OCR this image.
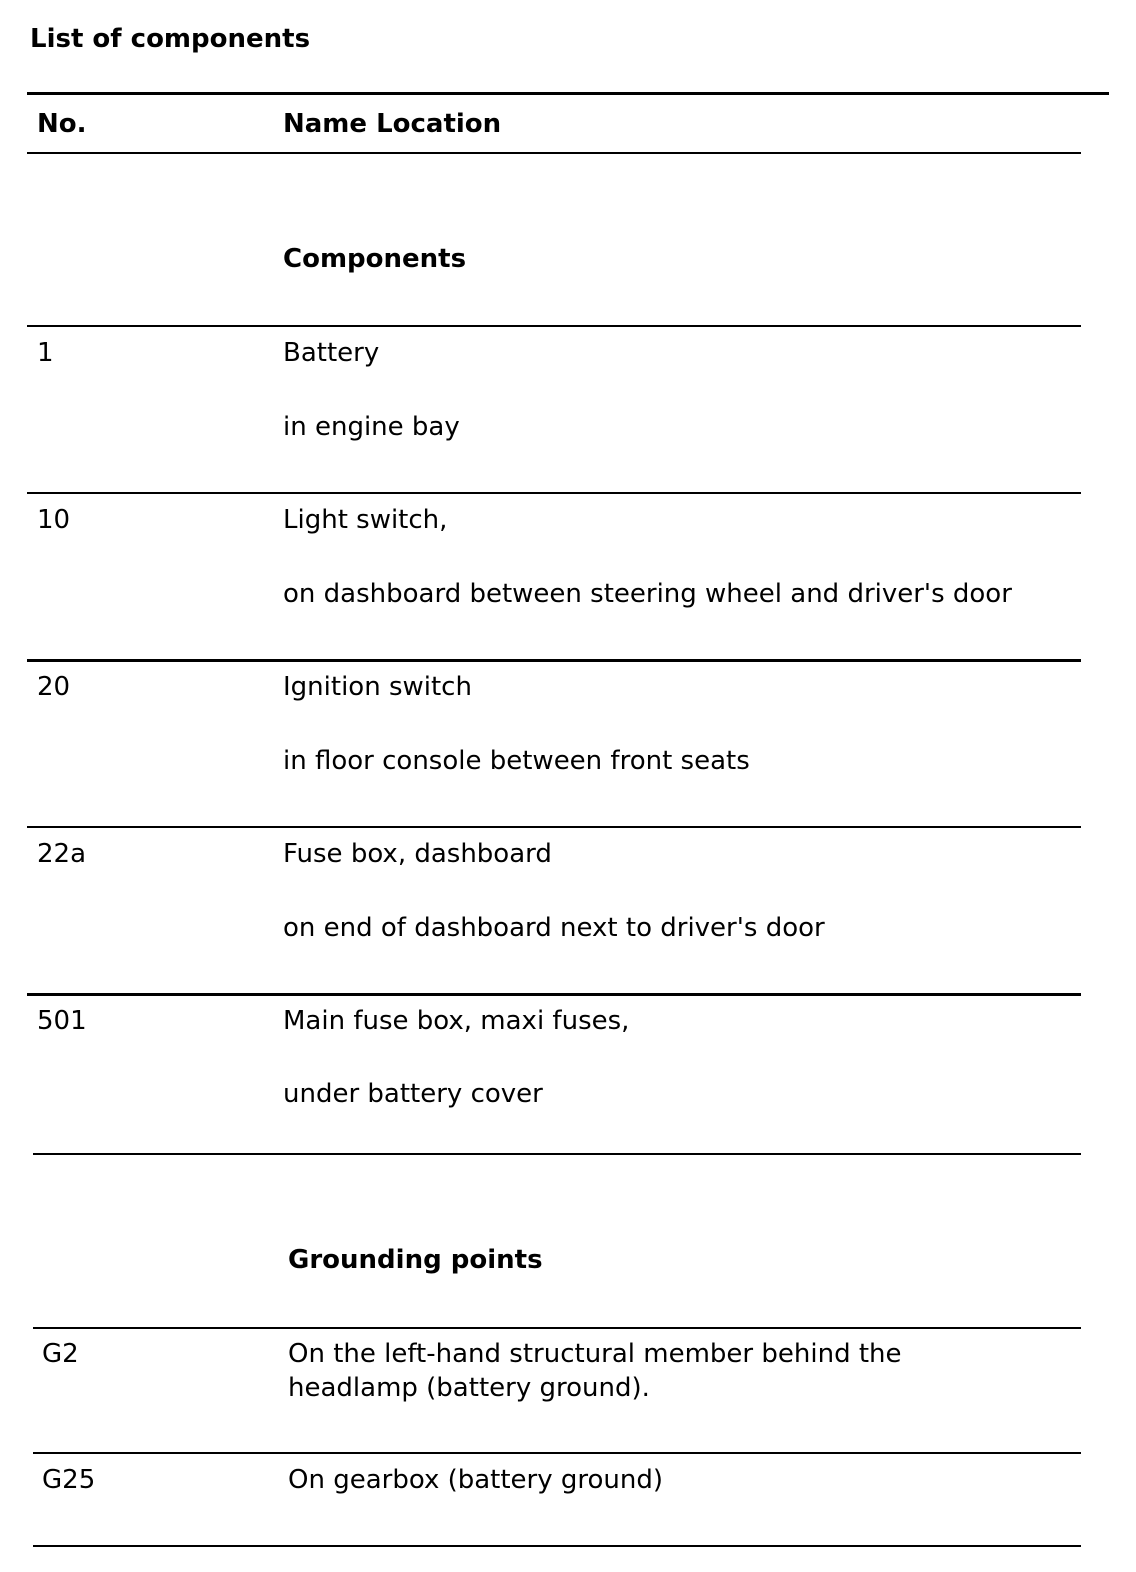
List of components
No.	Name Location
Components
1	Battery
in engine bay
10	Light switch,
on dashboard between steering wheel and driver's door
20	Ignition switch
in floor console between front seats
22a	Fuse box, dashboard
on end of dashboard next to driver's door
501	Main fuse box, maxi fuses,
under battery cover
Grounding points
G2	On the left-hand structural member behind the headlamp (battery ground).
G25	On gearbox (battery ground)
